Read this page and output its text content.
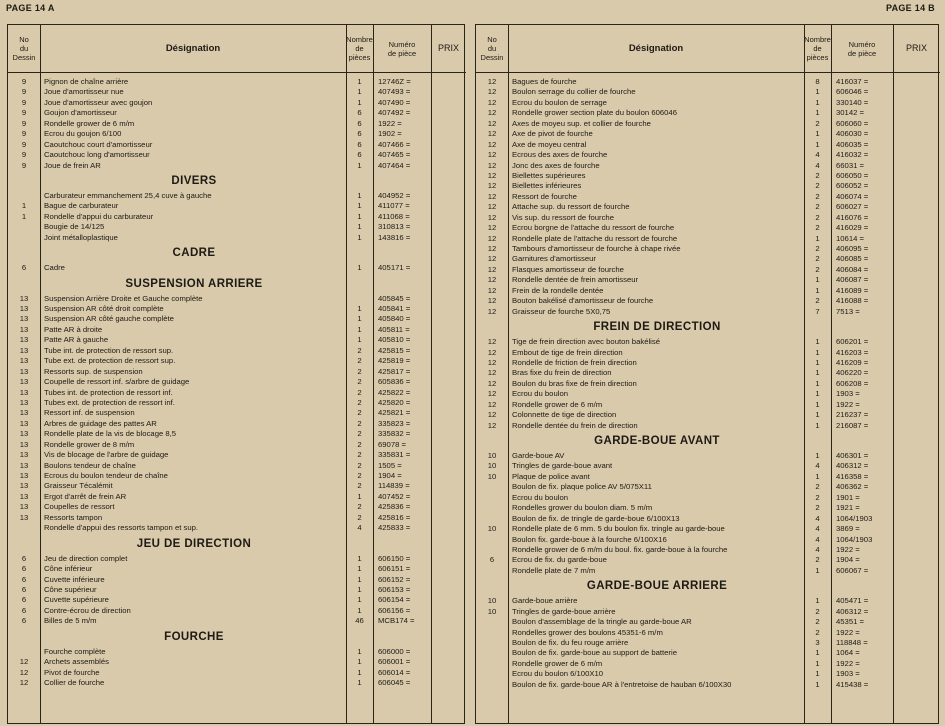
PAGE 14 A	PAGE 14 B
No
du
Dessin
Désignation
Nombre
de
pièces
Numéro
de pièce	PRIX
9	Pignon de chaîne arrière	1	12746Z =
9	Joue d'amortisseur nue	1	407493 =
9	Joue d'amortisseur avec goujon	1	407490 =
9	Goujon d'amortisseur	6	407492 =
9	Rondelle grower de 6 m/m	6	1922 =
9	Ecrou du goujon 6/100	6	1902 =
9	Caoutchouc court d'amortisseur	6	407466 =
9	Caoutchouc long d'amortisseur	6	407465 =
9	Joue de frein AR	1	407464 =
DIVERS
Carburateur emmanchement 25,4 cuve à gauche	1	404952 =
1	Bague de carburateur	1	411077 =
1	Rondelle d'appui du carburateur	1	411068 =
Bougie de 14/125	1	310813 =
Joint métalloplastique	1	143816 =
CADRE
6	Cadre	1	405171 =
SUSPENSION ARRIERE
13	Suspension Arrière Droite et Gauche complète	405845 =
13	Suspension AR côté droit complète	1	405841 =
13	Suspension AR côté gauche complète	1	405840 =
13	Patte AR à droite	1	405811 =
13	Patte AR à gauche	1	405810 =
13	Tube int. de protection de ressort sup.	2	425815 =
13	Tube ext. de protection de ressort sup.	2	425819 =
13	Ressorts sup. de suspension	2	425817 =
13	Coupelle de ressort inf. s/arbre de guidage	2	605836 =
13	Tubes int. de protection de ressort inf.	2	425822 =
13	Tubes ext. de protection de ressort inf.	2	425820 =
13	Ressort inf. de suspension	2	425821 =
13	Arbres de guidage des pattes AR	2	335823 =
13	Rondelle plate de la vis de blocage 8,5	2	335832 =
13	Rondelle grower de 8 m/m	2	69078 =
13	Vis de blocage de l'arbre de guidage	2	335831 =
13	Boulons tendeur de chaîne	2	1505 =
13	Ecrous du boulon tendeur de chaîne	2	1904 =
13	Graisseur Técalémit	2	114839 =
13	Ergot d'arrêt de frein AR	1	407452 =
13	Coupelles de ressort	2	425836 =
13	Ressorts tampon	2	425816 =
Rondelle d'appui des ressorts tampon et sup.	4	425833 =
JEU DE DIRECTION
6	Jeu de direction complet	1	606150 =
6	Cône inférieur	1	606151 =
6	Cuvette inférieure	1	606152 =
6	Cône supérieur	1	606153 =
6	Cuvette supérieure	1	606154 =
6	Contre-écrou de direction	1	606156 =
6	Billes de 5 m/m	46	MCB174 =
FOURCHE
Fourche complète	1	606000 =
12	Archets assemblés	1	606001 =
12	Pivot de fourche	1	606014 =
12	Collier de fourche	1	606045 =
No
du
Dessin
Désignation
Nombre
de
pièces
Numéro
de pièce	PRIX
12	Bagues de fourche	8	416037 =
12	Boulon serrage du collier de fourche	1	606046 =
12	Ecrou du boulon de serrage	1	330140 =
12	Rondelle grower section plate du boulon 606046	1	30142 =
12	Axes de moyeu sup. et collier de fourche	2	606060 =
12	Axe de pivot de fourche	1	406030 =
12	Axe de moyeu central	1	406035 =
12	Ecrous des axes de fourche	4	416032 =
12	Jonc des axes de fourche	4	66031 =
12	Biellettes supérieures	2	606050 =
12	Biellettes inférieures	2	606052 =
12	Ressort de fourche	2	406074 =
12	Attache sup. du ressort de fourche	2	606027 =
12	Vis sup. du ressort de fourche	2	416076 =
12	Ecrou borgne de l'attache du ressort de fourche	2	416029 =
12	Rondelle plate de l'attache du ressort de fourche	1	10614 =
12	Tambours d'amortisseur de fourche à chape rivée	2	406095 =
12	Garnitures d'amortisseur	2	406085 =
12	Flasques amortisseur de fourche	2	406084 =
12	Rondelle dentée de frein amortisseur	1	406087 =
12	Frein de la rondelle dentée	1	416089 =
12	Bouton bakélisé d'amortisseur de fourche	2	416088 =
12	Graisseur de fourche 5X0,75	7	7513 =
FREIN DE DIRECTION
12	Tige de frein direction avec bouton bakélisé	1	606201 =
12	Embout de tige de frein direction	1	416203 =
12	Rondelle de friction de frein direction	1	416209 =
12	Bras fixe du frein de direction	1	406220 =
12	Boulon du bras fixe de frein direction	1	606208 =
12	Ecrou du boulon	1	1903 =
12	Rondelle grower de 6 m/m	1	1922 =
12	Colonnette de tige de direction	1	216237 =
12	Rondelle dentée du frein de direction	1	216087 =
GARDE-BOUE AVANT
10	Garde-boue AV	1	406301 =
10	Tringles de garde-boue avant	4	406312 =
10	Plaque de police avant	1	416358 =
Boulon de fix. plaque police AV 5/075X11	2	406362 =
Ecrou du boulon	2	1901 =
Rondelles grower du boulon diam. 5 m/m	2	1921 =
Boulon de fix. de tringle de garde-boue 6/100X13	4	1064/1903
10	Rondelle plate de 6 mm. 5 du boulon fix. tringle au garde-boue	4	3869 =
Boulon fix. garde-boue à la fourche 6/100X16	4	1064/1903
Rondelle grower de 6 m/m du boul. fix. garde-boue à la fourche	4	1922 =
6	Ecrou de fix. du garde-boue	2	1904 =
Rondelle plate de 7 m/m	1	606067 =
GARDE-BOUE ARRIERE
10	Garde-boue arrière	1	405471 =
10	Tringles de garde-boue arrière	2	406312 =
Boulon d'assemblage de la tringle au garde-boue AR	2	45351 =
Rondelles grower des boulons 45351-6 m/m	2	1922 =
Boulon de fix. du feu rouge arrière	3	118848 =
Boulon de fix. garde-boue au support de batterie	1	1064 =
Rondelle grower de 6 m/m	1	1922 =
Ecrou du boulon 6/100X10	1	1903 =
Boulon de fix. garde-boue AR à l'entretoise de hauban 6/100X30	1	415438 =
